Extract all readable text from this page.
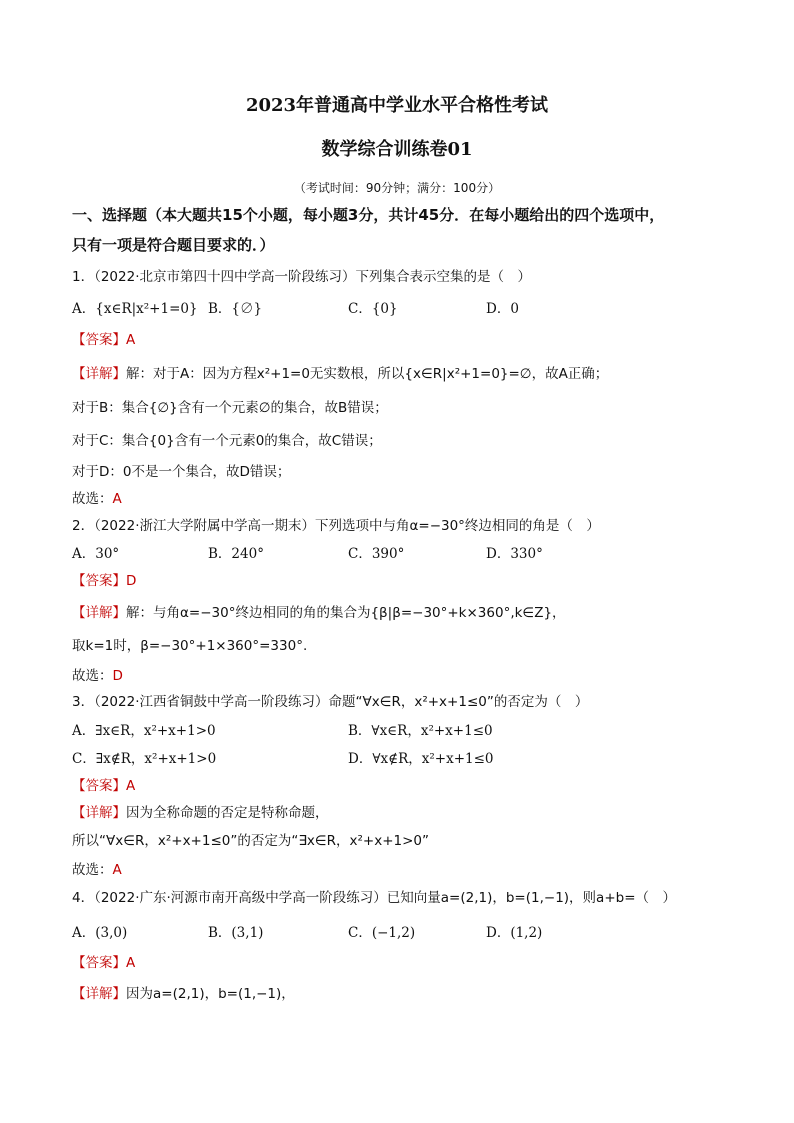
2023年普通高中学业水平合格性考试
数学综合训练卷01
（考试时间：90分钟；满分：100分）
一、选择题（本大题共15个小题，每小题3分，共计45分．在每小题给出的四个选项中，
只有一项是符合题目要求的．）
1．（2022·北京市第四十四中学高一阶段练习）下列集合表示空集的是（　）
A．{x∈R|x²+1=0} B．{∅}	C．{0}	D．0
【答案】A
【详解】解：对于A：因为方程x²+1=0无实数根，所以{x∈R|x²+1=0}=∅，故A正确；
对于B：集合{∅}含有一个元素∅的集合，故B错误；
对于C：集合{0}含有一个元素0的集合，故C错误；
对于D：0不是一个集合，故D错误；
故选：A
2．（2022·浙江大学附属中学高一期末）下列选项中与角α=−30°终边相同的角是（　）
A．30°	B．240°	C．390°	D．330°
【答案】D
【详解】解：与角α=−30°终边相同的角的集合为{β|β=−30°+k×360°,k∈Z}，
取k=1时，β=−30°+1×360°=330°.
故选：D
3．（2022·江西省铜鼓中学高一阶段练习）命题“∀x∈R，x²+x+1≤0”的否定为（　）
A．∃x∈R，x²+x+1>0	B．∀x∈R，x²+x+1≤0
C．∃x∉R，x²+x+1>0	D．∀x∉R，x²+x+1≤0
【答案】A
【详解】因为全称命题的否定是特称命题，
所以“∀x∈R，x²+x+1≤0”的否定为“∃x∈R，x²+x+1>0”
故选：A
4．（2022·广东·河源市南开高级中学高一阶段练习）已知向量a=(2,1)，b=(1,−1)，则a+b=（　）
A．(3,0)	B．(3,1)	C．(−1,2)	D．(1,2)
【答案】A
【详解】因为a=(2,1)，b=(1,−1)，
